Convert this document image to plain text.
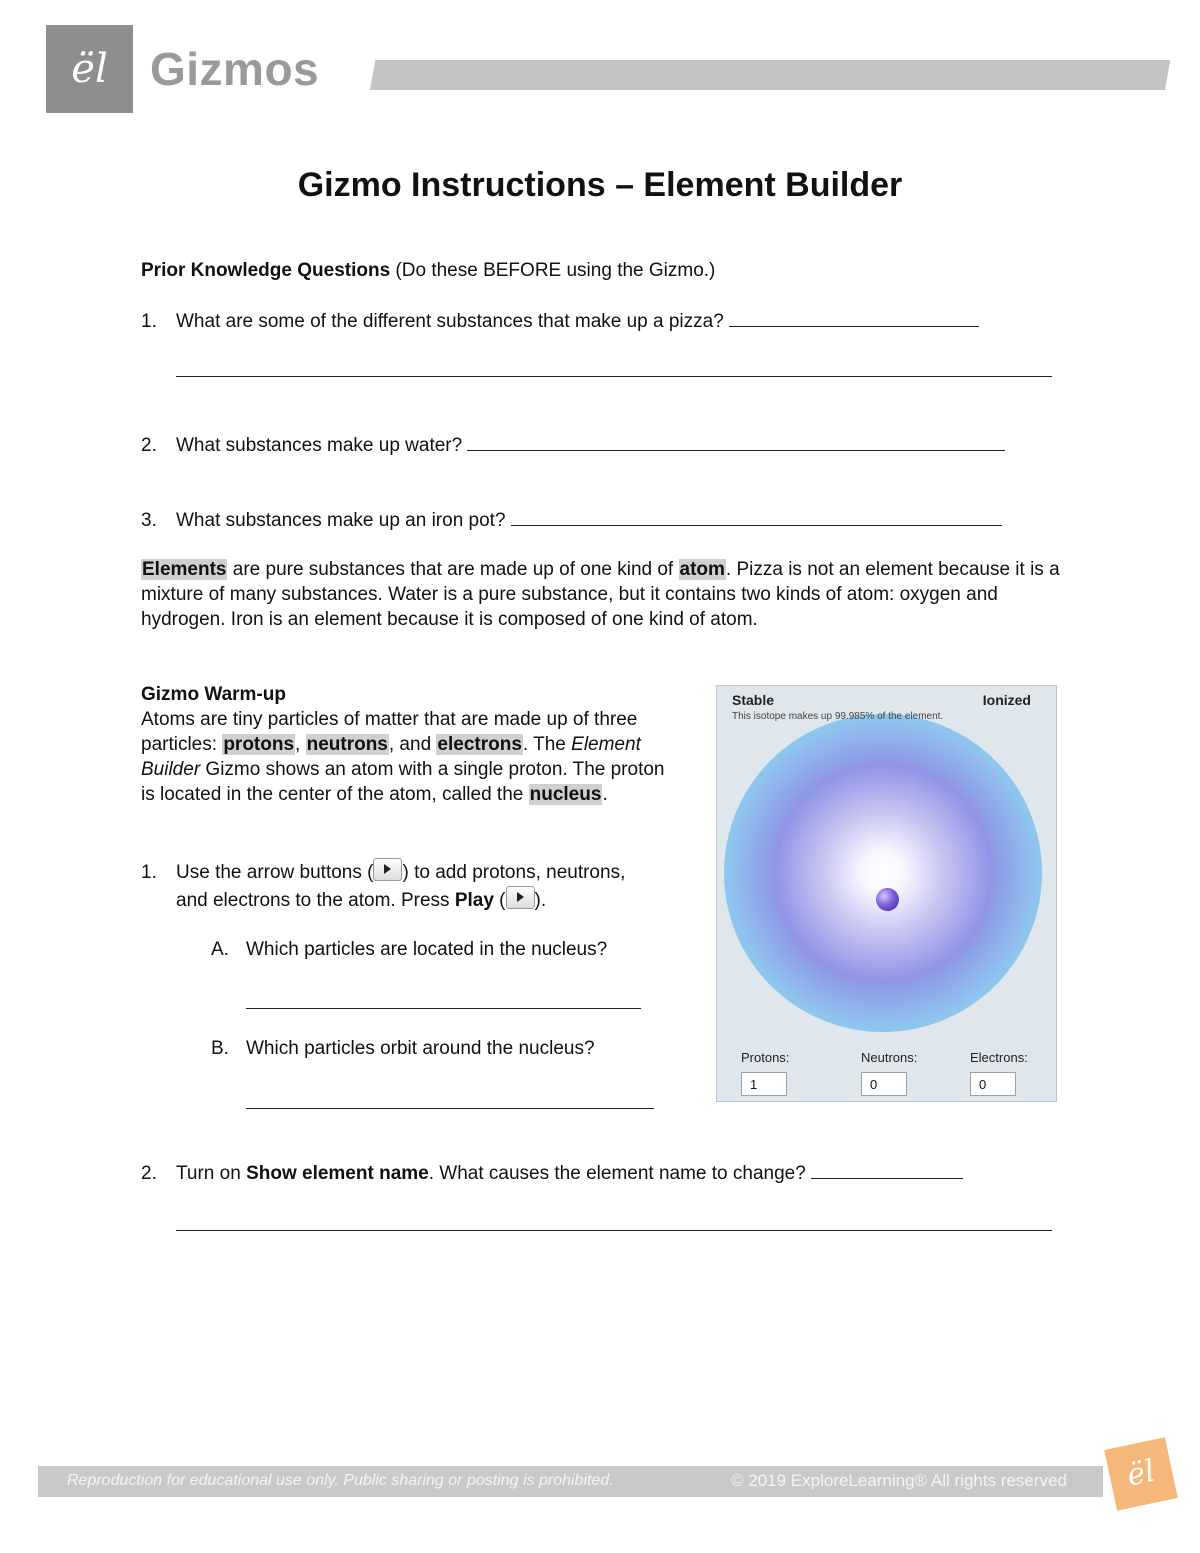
ël Gizmos
Gizmo Instructions – Element Builder
Prior Knowledge Questions (Do these BEFORE using the Gizmo.)
1. What are some of the different substances that make up a pizza?
2. What substances make up water?
3. What substances make up an iron pot?
Elements are pure substances that are made up of one kind of atom. Pizza is not an element because it is a mixture of many substances. Water is a pure substance, but it contains two kinds of atom: oxygen and hydrogen. Iron is an element because it is composed of one kind of atom.
Gizmo Warm-up
Atoms are tiny particles of matter that are made up of three particles: protons, neutrons, and electrons. The Element Builder Gizmo shows an atom with a single proton. The proton is located in the center of the atom, called the nucleus.
1. Use the arrow buttons ( ) to add protons, neutrons,
and electrons to the atom. Press Play ( ).
A. Which particles are located in the nucleus?
B. Which particles orbit around the nucleus?
2. Turn on Show element name. What causes the element name to change?
Stable	Ionized
This isotope makes up 99.985% of the element.
Protons:	Neutrons:	Electrons:
1	0	0
Reproduction for educational use only. Public sharing or posting is prohibited.	© 2019 ExploreLearning® All rights reserved	ël
